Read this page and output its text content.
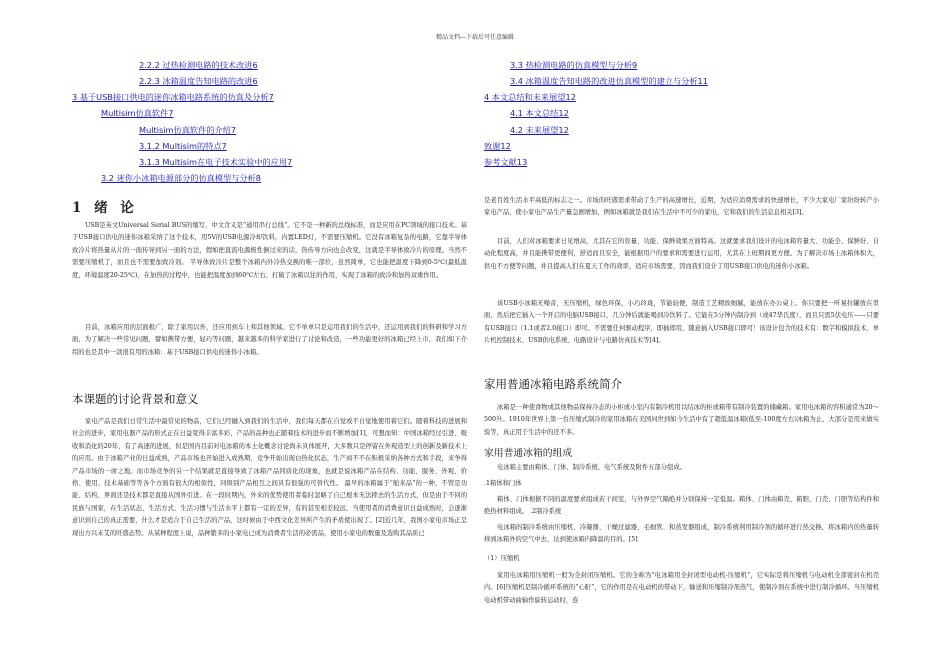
精品文档---下载后可任意编辑
2.2.2 过热检测电路的技术改进6
2.2.3 冰箱温度告知电路的改进6
3 基于USB接口供电的迷你冰箱电路系统的仿真及分析7
Multisim仿真软件7
Multisim仿真软件的介绍7
3.1.2 Multisim的特点7
3.1.3 Multisim在电子技术实验中的应用7
3.2 迷你小冰箱电源部分的仿真模型与分析8
3.3 热检测电路的仿真模型与分析9
3.4 冰箱温度告知电路的改进仿真模型的建立与分析11
4 本文总结和未来展望12
4.1 本文总结12
4.2 未来展望12
致谢12
参考文献13
1 绪 论

USB是英文Universal Serial BUS的缩写，中文含义是“通用串行总线”。它不是一种新的总线标准，而是应用在PC领域的接口技术。基于USB接口供电的迷你冰箱采纳了这个技术，用5V的USB电源冷却饮料，内置LED灯，不需要压缩机。它没有冰箱复杂的电路，它靠半导体致冷片将热量从片的一面传导到另一面的方法，假如把直流电源极性倒过来的话，热传导方向也会改变，这就是半导体致冷片的原理。当然不需要压缩机了，而且也不需要加致冷剂。 半导体致冷片是整个冰箱内外冷热交换的唯一部位，虽然简单，它也能把温度下降到0-5℃(最低温度，环境温度20-25℃)，在加热的过程中，也能把温度加到60℃左右，打破了冰箱以往的作用，实现了冰箱的致冷和加热双重作用。

目前，冰箱应用的层面极广，除了家用以外，还应用到车上和其他领域。它不单单只是运用我们的生活中，还运用到我们的科研和学习方面，为了解决一些常见问题，譬如携带方便，轻巧等问题，越来越多的科学家进行了讨论和改造，一些功能更好的冰箱已经上市，我们如下介绍的也是其中一款很有用的冰箱：基于USB接口供电的迷你小冰箱。

本课题的讨论背景和意义

家电产品是我们日常生活中最常见的物品，它们已经融入到我们的生活中，我们每天都在自觉或不自觉地使用着它们。随着科技的进展和社会的进步，家用电器产品的形式正在日益变得丰富多彩，产品的品种也正随着技术的进步而不断增加[1]，可想而知：中国冰箱经过引进、吸收和消化的20年，有了高速的进展，但是国内目前对电冰箱的本土化概念讨论尚未具体展开，大多数只是停留在外观造型上的创新及新技术上的应用。由于冰箱产业的日益成熟，产品市场也开始进入成熟期，竞争开始出现白热化状态，生产商不不在积极采纳各种方式和手段，来争得产品市场的一席之地。而市场竞争的另一个结果就是直接导致了冰箱产品同质化的现象，也就是说冰箱产品在结构、功能、服务、外观、价格、使用、技术基础等等各个方面有很大的相似性，同级别产品相互之间具有很强的可替代性。 最早的冰箱属于“舶来品”的一种，不管是功能、结构、界面还是技术都是直接从国外引进。在一段时期内，外来的优势使用者临时忽略了自己根本无法摔去的生活方式，但是由于不同的民族与国家，在生活状态、生活方式、生活习惯与生活水平上都有一定的差异，有的甚至相差较远，当使用者的消费意识日益成熟时，会逐渐意识到自己的真正需要，什么才是适合于自己生活的产品，这时候由于中西文化差异所产生的矛盾使出现了。[2]近几年，我国小家电市场正呈现出方兴未艾的旺盛态势。从某种程度上说，品种繁多的小家电已成为消费者生活的必需品，使用小家电的数量及选购其品质已

是老百姓生活水平高低的标志之一。市场的旺盛需求带动了生产的高速增长，近期，为适应消费需求的快速增长，不少大家电厂家纷纷转产小家电产品，使小家电产品生产量急剧增加，例如冰箱就是我们在生活中不可少的家电，它和我们的生活息息相关[3]。

目前，人们对冰箱要求日见增高，尤其在它的容量、功能、保鲜效果方面特高。这就要求我们设计的电冰箱容量大、功能全、保鲜好、自动化程度高，并且能携带更便利，舒适而且安全，能根据用户的要求和需要进行运用，尤其在上班期间更方便。为了解决市场上冰箱体积大，供电不方便等问题，并且提高人们在夏天工作的效率，适应市场需要，因而我们设计了用USB接口供电的迷你小冰箱。

该USB小冰箱无噪音，无压缩机，绿色环保，小巧玲珑，节能轻便，制造工艺精致细腻，能放在办公桌上。你只要把一听易拉罐放在里面，然后把它插入一个开启的电脑USB接口，几分钟后就能喝到冷饮料了。它能在5分钟内制冷到（或47华氏度），而且只需5伏电压——只要有USB接口（1.1或者2.0接口）即可。不需要任何驱动程序，即插即用，随意插入USB接口即可！该设计包含的技术有：数字和模拟技术、单片机控制技术、USB供电系统、电路设计与电路仿真技术等[4]。

家用普通冰箱电路系统简介

冰箱是一种使食物或其他物品保持冷态的小柜或小室内有制冷机用以结冰的柜或箱带有制冷装置的储藏箱。家用电冰箱的容积通常为20～500升。1910年世界上第一台压缩式制冷的家用冰箱在美国问世到如今生活中有了超低温冰箱(低至-100度左右)冰箱为止，大部分是用来做实验等，真正用于生活中的还不多。

家用普通冰箱的组成

电冰箱主要由箱体、门体、制冷系统、电气系统及附件五部分组成。

.1箱体和门体

箱体、门体根据不同的温度要求组成若干间室，与外界空气隔绝并分别保持一定低温。箱体、门体由箱壳、箱胆、门壳、门胆等结构件和绝热材料组成。 .2制冷系统

电冰箱的制冷系统由压缩机、冷凝器、干燥过滤器、毛细管、和蒸发器组成，制冷系统利用制冷剂的循环进行热交换，将冰箱内的热量转移到冰箱外的空气中去，达到使冰箱内降温的目的。[5]

（1）压缩机

家用电冰箱用压缩机一般为全封闭压缩机。它的全称为“电冰箱用全封闭型电动机-压缩机”，它实际是将压缩机与电动机全部密封在机壳内。[6]压缩机是制冷循环系统的“心脏”，它的作用是在电动机的带动下，输送和压缩制冷剂蒸气，使制冷剂在系统中进行制冷循环。当压缩机电动机带动曲轴作旋转运动时，连
